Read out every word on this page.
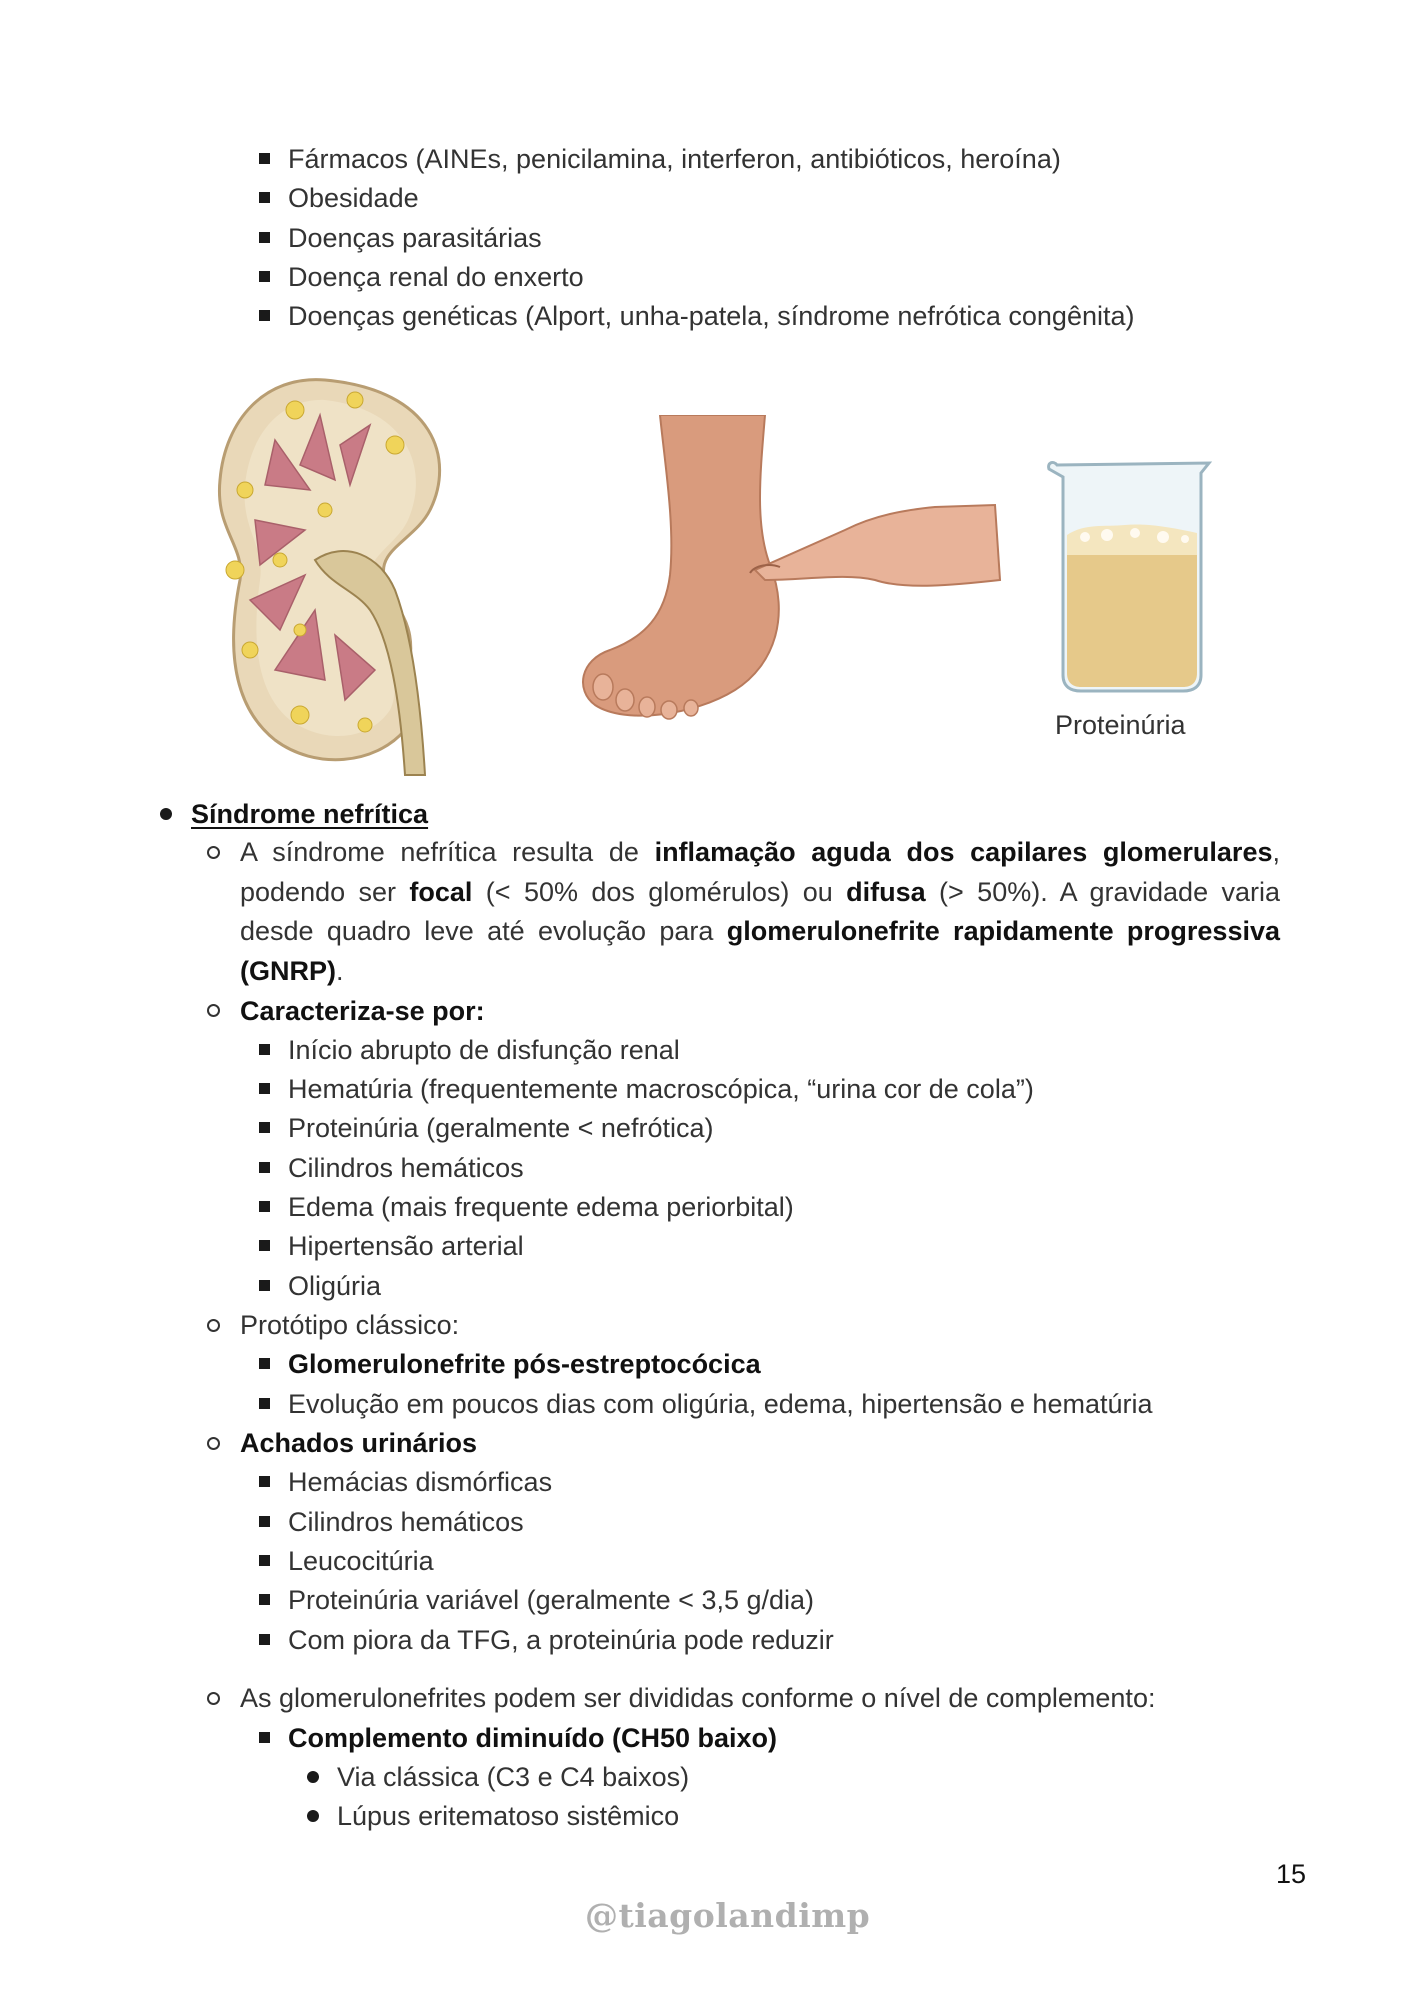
Fármacos (AINEs, penicilamina, interferon, antibióticos, heroína)
Obesidade
Doenças parasitárias
Doença renal do enxerto
Doenças genéticas (Alport, unha-patela, síndrome nefrótica congênita)
Proteinúria
Síndrome nefrítica
A síndrome nefrítica resulta de inflamação aguda dos capilares glomerulares, podendo ser focal (< 50% dos glomérulos) ou difusa (> 50%). A gravidade varia desde quadro leve até evolução para glomerulonefrite rapidamente progressiva (GNRP).
Caracteriza-se por:
Início abrupto de disfunção renal
Hematúria (frequentemente macroscópica, “urina cor de cola”)
Proteinúria (geralmente < nefrótica)
Cilindros hemáticos
Edema (mais frequente edema periorbital)
Hipertensão arterial
Oligúria
Protótipo clássico:
Glomerulonefrite pós-estreptocócica
Evolução em poucos dias com oligúria, edema, hipertensão e hematúria
Achados urinários
Hemácias dismórficas
Cilindros hemáticos
Leucocitúria
Proteinúria variável (geralmente < 3,5 g/dia)
Com piora da TFG, a proteinúria pode reduzir
As glomerulonefrites podem ser divididas conforme o nível de complemento:
Complemento diminuído (CH50 baixo)
Via clássica (C3 e C4 baixos)
Lúpus eritematoso sistêmico
15
@tiagolandimp
